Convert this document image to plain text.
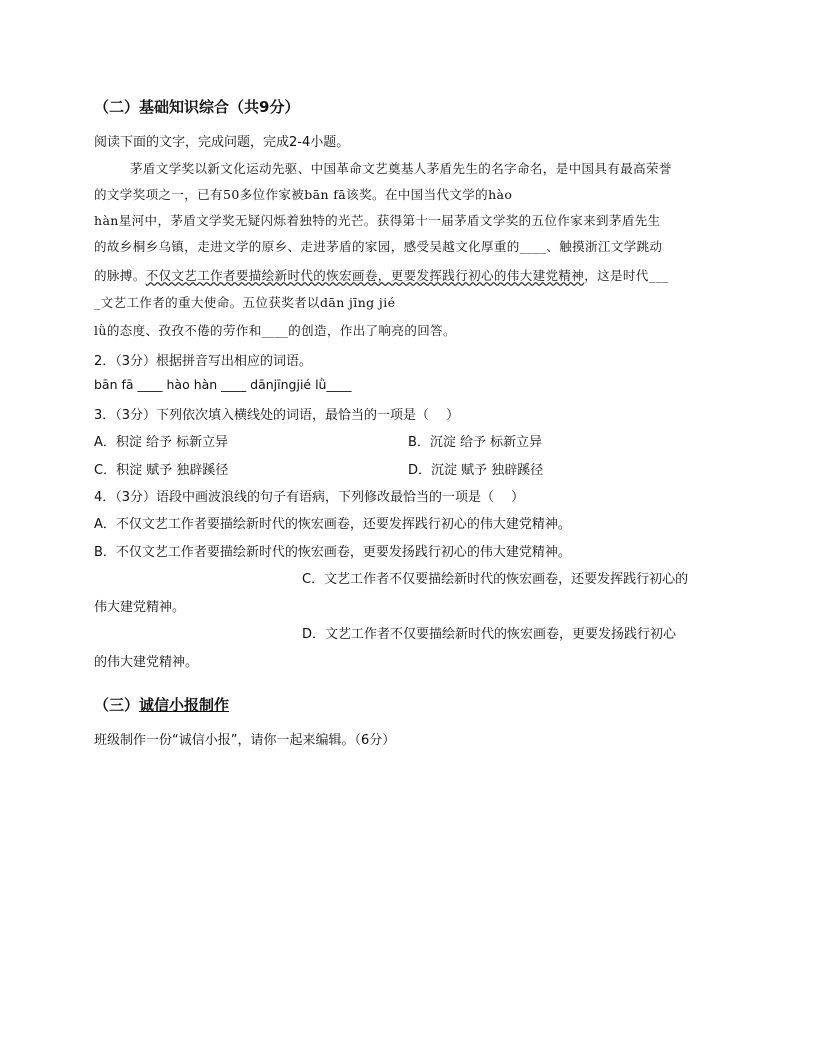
（二）基础知识综合（共9分）
阅读下面的文字，完成问题，完成2-4小题。
茅盾文学奖以新文化运动先驱、中国革命文艺奠基人茅盾先生的名字命名，是中国具有最高荣誉
的文学奖项之一，已有50多位作家被bān fā该奖。在中国当代文学的hào
hàn星河中，茅盾文学奖无疑闪烁着独特的光芒。获得第十一届茅盾文学奖的五位作家来到茅盾先生
的故乡桐乡乌镇，走进文学的原乡、走进茅盾的家园，感受吴越文化厚重的____、触摸浙江文学跳动
的脉搏。不仅文艺工作者要描绘新时代的恢宏画卷，更要发挥践行初心的伟大建党精神，这是时代___
_文艺工作者的重大使命。五位获奖者以dān jīng jié
lǜ的态度、孜孜不倦的劳作和____的创造，作出了响亮的回答。
2．（3分）根据拼音写出相应的词语。
bān fā ____ hào hàn ____ dānjīngjié lǜ____
3．（3分）下列依次填入横线处的词语，最恰当的一项是（　 ）
A．积淀 给予 标新立异	B．沉淀 给予 标新立异
C．积淀 赋予 独辟蹊径	D．沉淀 赋予 独辟蹊径
4．（3分）语段中画波浪线的句子有语病，下列修改最恰当的一项是（　 ）
A．不仅文艺工作者要描绘新时代的恢宏画卷，还要发挥践行初心的伟大建党精神。
B．不仅文艺工作者要描绘新时代的恢宏画卷，更要发扬践行初心的伟大建党精神。
C．文艺工作者不仅要描绘新时代的恢宏画卷，还要发挥践行初心的
伟大建党精神。
D．文艺工作者不仅要描绘新时代的恢宏画卷，更要发扬践行初心
的伟大建党精神。
（三）诚信小报制作
班级制作一份“诚信小报”，请你一起来编辑。（6分）
